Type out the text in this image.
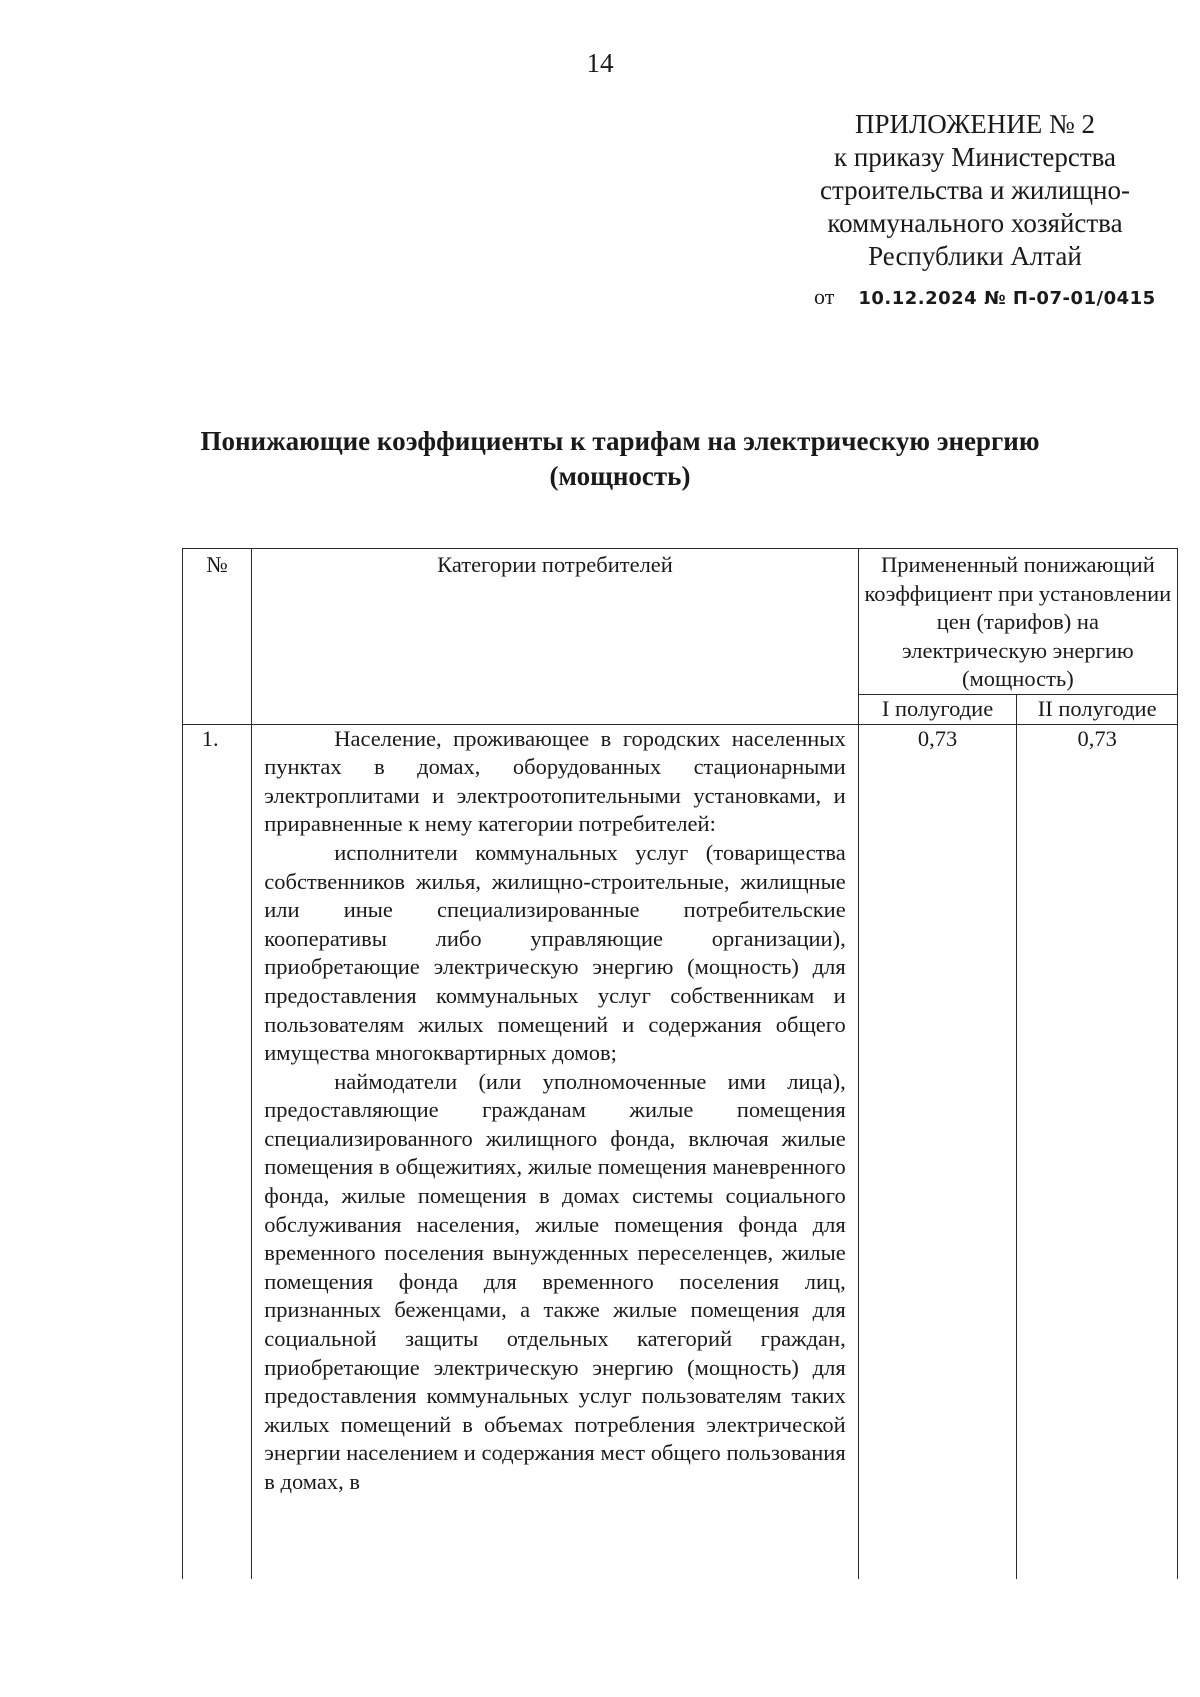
14
ПРИЛОЖЕНИЕ № 2
к приказу Министерства
строительства и жилищно-
коммунального хозяйства
Республики Алтай
от 10.12.2024 № П-07-01/0415
Понижающие коэффициенты к тарифам на электрическую энергию (мощность)
№	Категории потребителей	Примененный понижающий коэффициент при установлении цен (тарифов) на электрическую энергию (мощность)	
		I полугодие	II полугодие
1.	Население, проживающее в городских населенных пунктах в домах, оборудованных стационарными электроплитами и электроотопительными установками, и приравненные к нему категории потребителей:

исполнители коммунальных услуг (товарищества собственников жилья, жилищно-строительные, жилищные или иные специализированные потребительские кооперативы либо управляющие организации), приобретающие электрическую энергию (мощность) для предоставления коммунальных услуг собственникам и пользователям жилых помещений и содержания общего имущества многоквартирных домов;

наймодатели (или уполномоченные ими лица), предоставляющие гражданам жилые помещения специализированного жилищного фонда, включая жилые помещения в общежитиях, жилые помещения маневренного фонда, жилые помещения в домах системы социального обслуживания населения, жилые помещения фонда для временного поселения вынужденных переселенцев, жилые помещения фонда для временного поселения лиц, признанных беженцами, а также жилые помещения для социальной защиты отдельных категорий граждан, приобретающие электрическую энергию (мощность) для предоставления коммунальных услуг пользователям таких жилых помещений в объемах потребления электрической энергии населением и содержания мест общего пользования в домах, в	0,73	0,73
